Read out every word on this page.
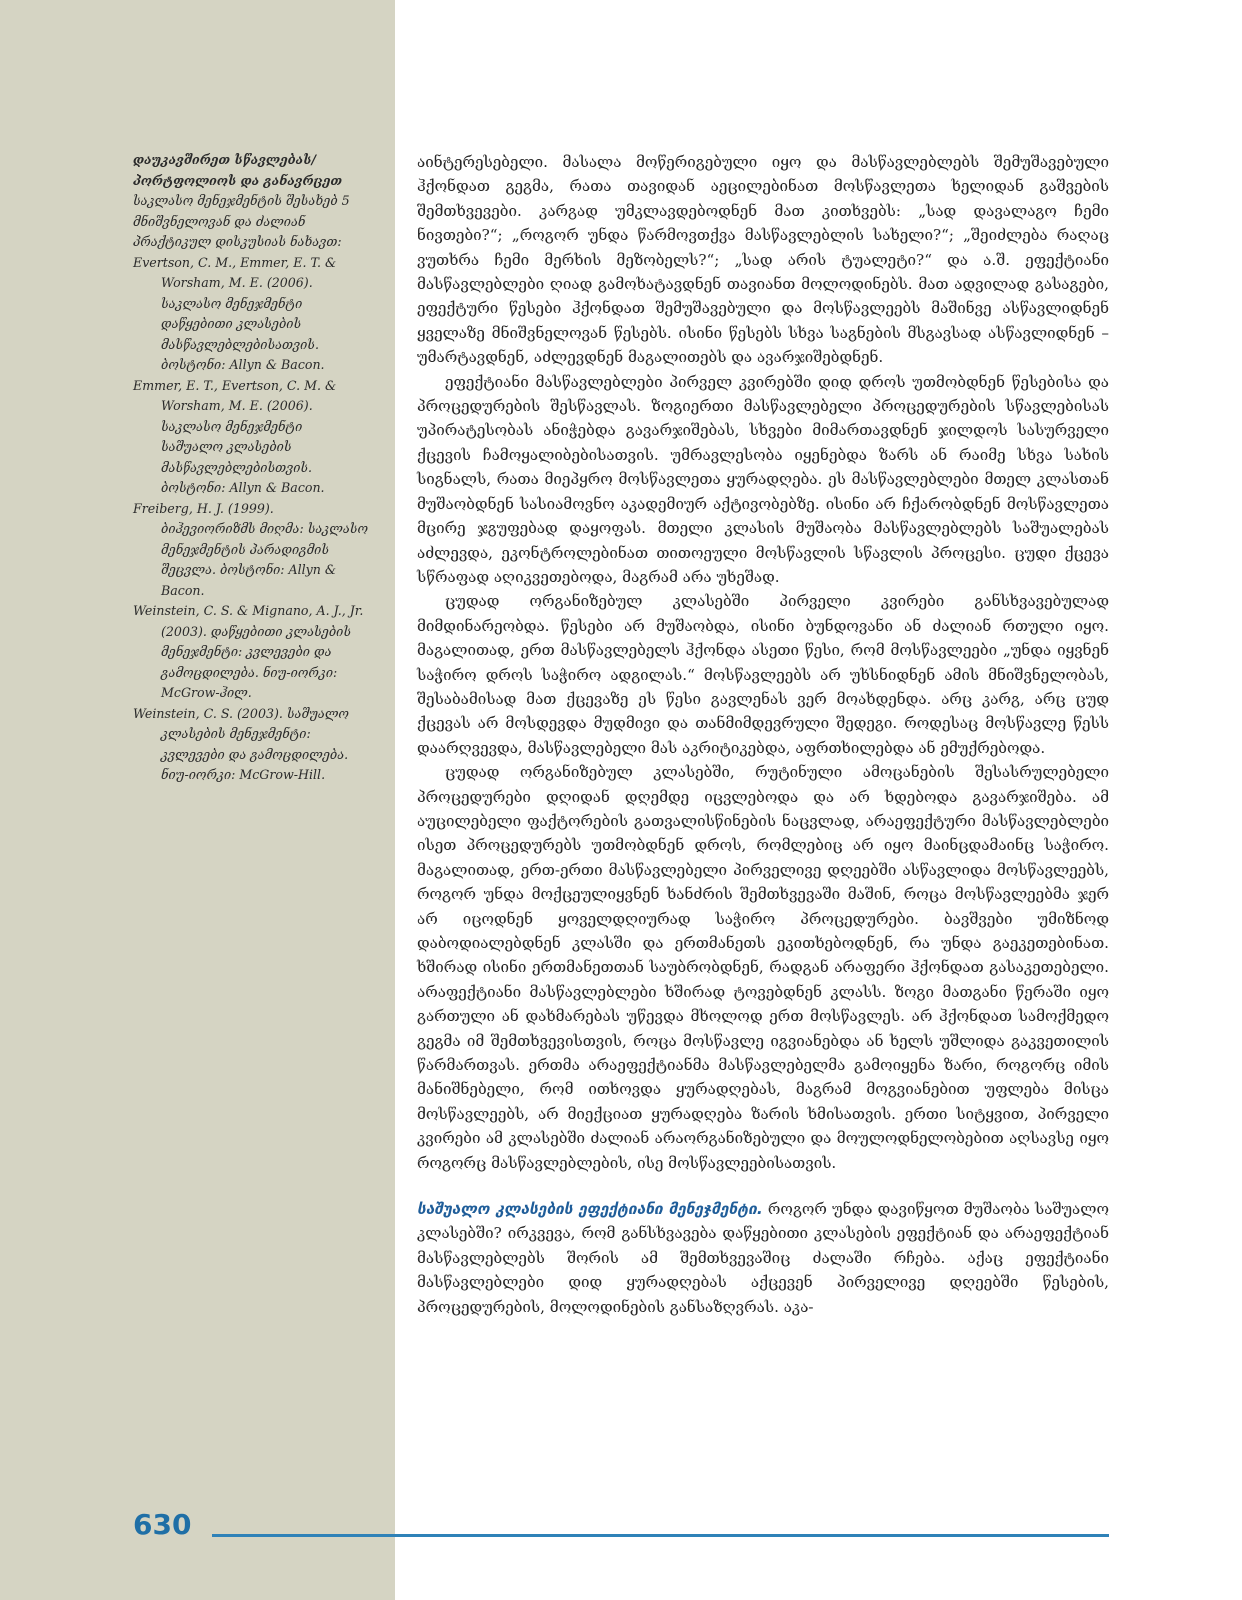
დაუკავშირეთ სწავლებას/

პორტფოლიოს და განავრცეთ

საკლასო მენეჯმენტის შესახებ 5 მნიშვნელოვან და ძალიან პრაქტიკულ დისკუსიას ნახავთ:

Evertson, C. M., Emmer, E. T. & Worsham, M. E. (2006). საკლასო მენეჯმენტი დაწყებითი კლასების მასწავლებლებისათვის. ბოსტონი: Allyn & Bacon.

Emmer, E. T., Evertson, C. M. & Worsham, M. E. (2006). საკლასო მენეჯმენტი საშუალო კლასების მასწავლებლებისთვის. ბოსტონი: Allyn & Bacon.

Freiberg, H. J. (1999). ბიჰევიორიზმს მიღმა: საკლასო მენეჯმენტის პარადიგმის შეცვლა. ბოსტონი: Allyn & Bacon.

Weinstein, C. S. & Mignano, A. J., Jr. (2003). დაწყებითი კლასების მენეჯმენტი: კვლევები და გამოცდილება. ნიუ-იორკი: McGrow-ჰილ.

Weinstein, C. S. (2003). საშუალო კლასების მენეჯმენტი: კვლევები და გამოცდილება. ნიუ-იორკი: McGrow-Hill.

აინტერესებელი. მასალა მოწერიგებული იყო და მასწავლებლებს შემუშავებული ჰქონდათ გეგმა, რათა თავიდან აეცილებინათ მოსწავლეთა ხელიდან გაშვების შემთხვევები. კარგად უმკლავდებოდნენ მათ კითხვებს: „სად დავალაგო ჩემი ნივთები?“; „როგორ უნდა წარმოვთქვა მასწავლებლის სახელი?“; „შეიძლება რაღაც ვუთხრა ჩემი მერხის მეზობელს?“; „სად არის ტუალეტი?“ და ა.შ. ეფექტიანი მასწავლებლები ღიად გამოხატავდნენ თავიანთ მოლოდინებს. მათ ადვილად გასაგები, ეფექტური წესები ჰქონდათ შემუშავებული და მოსწავლეებს მაშინვე ასწავლიდნენ ყველაზე მნიშვნელოვან წესებს. ისინი წესებს სხვა საგნების მსგავსად ასწავლიდნენ – უმარტავდნენ, აძლევდნენ მაგალითებს და ავარჯიშებდნენ.

ეფექტიანი მასწავლებლები პირველ კვირებში დიდ დროს უთმობდნენ წესებისა და პროცედურების შესწავლას. ზოგიერთი მასწავლებელი პროცედურების სწავლებისას უპირატესობას ანიჭებდა გავარჯიშებას, სხვები მიმართავდნენ ჯილდოს სასურველი ქცევის ჩამოყალიბებისათვის. უმრავლესობა იყენებდა ზარს ან რაიმე სხვა სახის სიგნალს, რათა მიეპყრო მოსწავლეთა ყურადღება. ეს მასწავლებლები მთელ კლასთან მუშაობდნენ სასიამოვნო აკადემიურ აქტივობებზე. ისინი არ ჩქარობდნენ მოსწავლეთა მცირე ჯგუფებად დაყოფას. მთელი კლასის მუშაობა მასწავლებლებს საშუალებას აძლევდა, ეკონტროლებინათ თითოეული მოსწავლის სწავლის პროცესი. ცუდი ქცევა სწრაფად აღიკვეთებოდა, მაგრამ არა უხეშად.

ცუდად ორგანიზებულ კლასებში პირველი კვირები განსხვავებულად მიმდინარეობდა. წესები არ მუშაობდა, ისინი ბუნდოვანი ან ძალიან რთული იყო. მაგალითად, ერთ მასწავლებელს ჰქონდა ასეთი წესი, რომ მოსწავლეები „უნდა იყვნენ საჭირო დროს საჭირო ადგილას.“ მოსწავლეებს არ უხსნიდნენ ამის მნიშვნელობას, შესაბამისად მათ ქცევაზე ეს წესი გავლენას ვერ მოახდენდა. არც კარგ, არც ცუდ ქცევას არ მოსდევდა მუდმივი და თანმიმდევრული შედეგი. როდესაც მოსწავლე წესს დაარღვევდა, მასწავლებელი მას აკრიტიკებდა, აფრთხილებდა ან ემუქრებოდა.

ცუდად ორგანიზებულ კლასებში, რუტინული ამოცანების შესასრულებელი პროცედურები დღიდან დღემდე იცვლებოდა და არ ხდებოდა გავარჯიშება. ამ აუცილებელი ფაქტორების გათვალისწინების ნაცვლად, არაეფექტური მასწავლებლები ისეთ პროცედურებს უთმობდნენ დროს, რომლებიც არ იყო მაინცდამაინც საჭირო. მაგალითად, ერთ-ერთი მასწავლებელი პირველივე დღეებში ასწავლიდა მოსწავლეებს, როგორ უნდა მოქცეულიყვნენ ხანძრის შემთხვევაში მაშინ, როცა მოსწავლეებმა ჯერ არ იცოდნენ ყოველდღიურად საჭირო პროცედურები. ბავშვები უმიზნოდ დაბოდიალებდნენ კლასში და ერთმანეთს ეკითხებოდნენ, რა უნდა გაეკეთებინათ. ხშირად ისინი ერთმანეთთან საუბრობდნენ, რადგან არაფერი ჰქონდათ გასაკეთებელი. არაფექტიანი მასწავლებლები ხშირად ტოვებდნენ კლასს. ზოგი მათგანი წერაში იყო გართული ან დახმარებას უწევდა მხოლოდ ერთ მოსწავლეს. არ ჰქონდათ სამოქმედო გეგმა იმ შემთხვევისთვის, როცა მოსწავლე იგვიანებდა ან ხელს უშლიდა გაკვეთილის წარმართვას. ერთმა არაეფექტიანმა მასწავლებელმა გამოიყენა ზარი, როგორც იმის მანიშნებელი, რომ ითხოვდა ყურადღებას, მაგრამ მოგვიანებით უფლება მისცა მოსწავლეებს, არ მიექციათ ყურადღება ზარის ხმისათვის. ერთი სიტყვით, პირველი კვირები ამ კლასებში ძალიან არაორგანიზებული და მოულოდნელობებით აღსავსე იყო როგორც მასწავლებლების, ისე მოსწავლეებისათვის.

საშუალო კლასების ეფექტიანი მენეჯმენტი. როგორ უნდა დავიწყოთ მუშაობა საშუალო კლასებში? ირკვევა, რომ განსხვავება დაწყებითი კლასების ეფექტიან და არაეფექტიან მასწავლებლებს შორის ამ შემთხვევაშიც ძალაში რჩება. აქაც ეფექტიანი მასწავლებლები დიდ ყურადღებას აქცევენ პირველივე დღეებში წესების, პროცედურების, მოლოდინების განსაზღვრას. აკა-

630
